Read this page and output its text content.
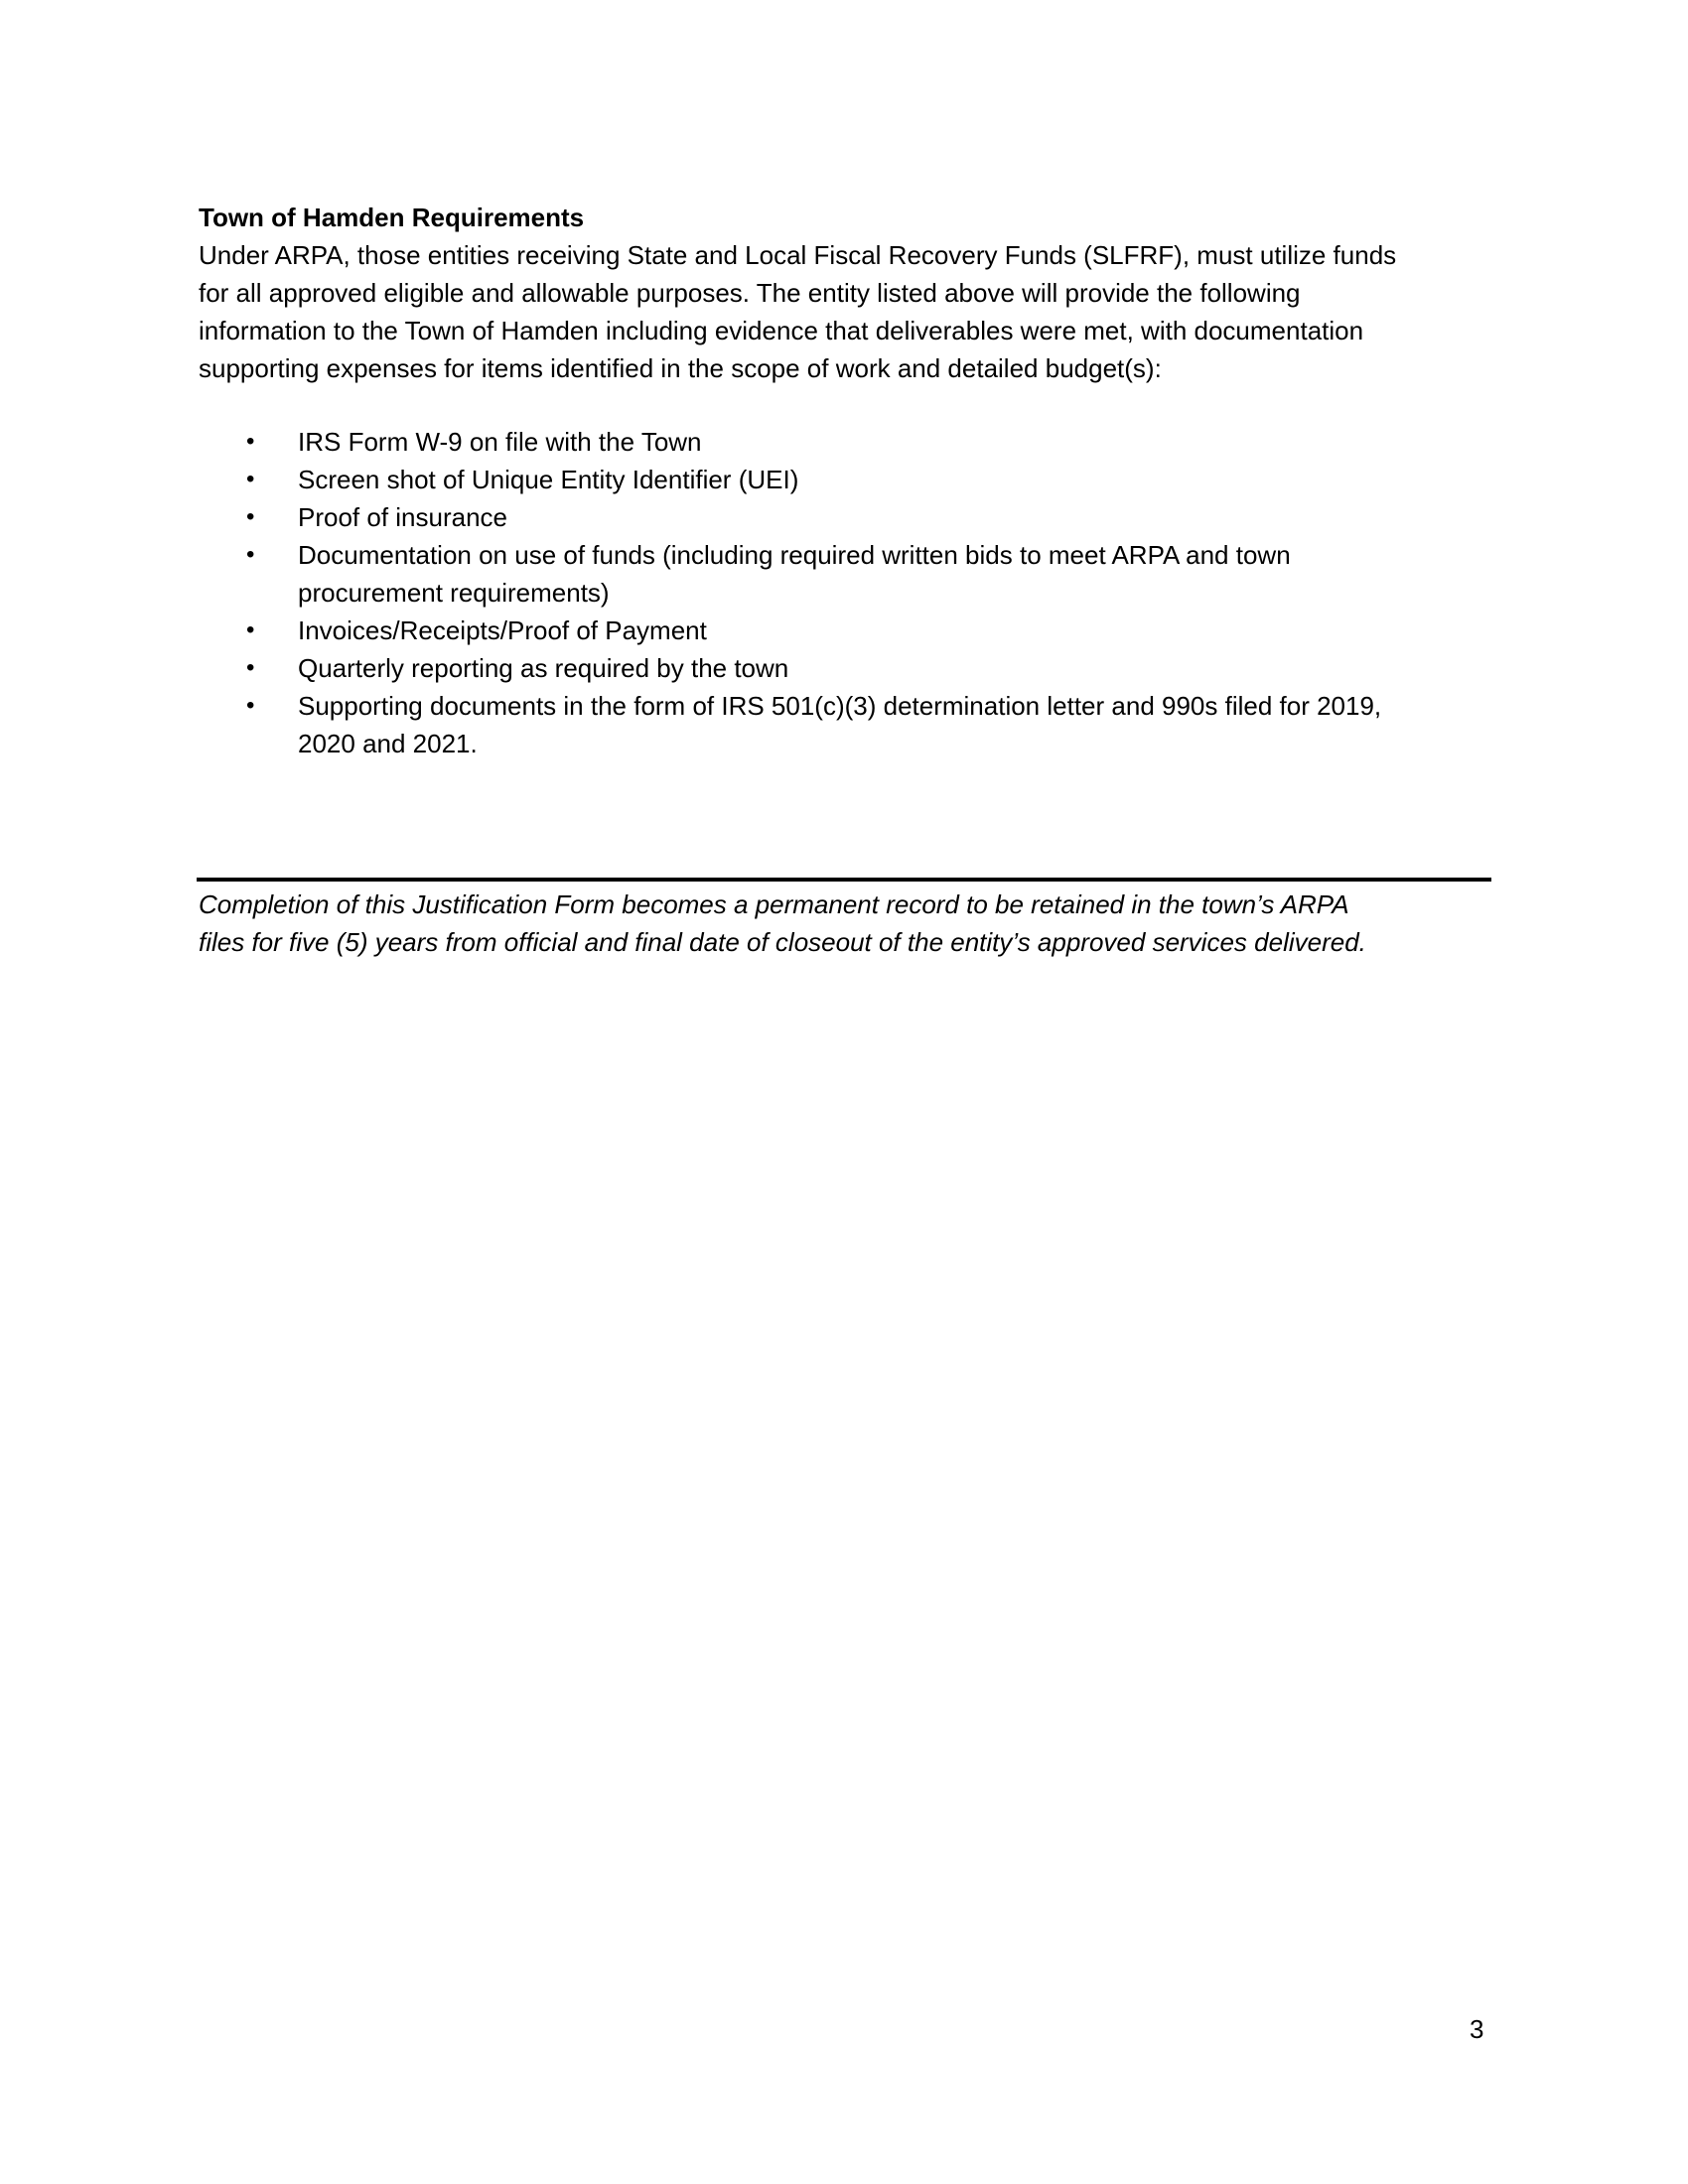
Town of Hamden Requirements

Under ARPA, those entities receiving State and Local Fiscal Recovery Funds (SLFRF), must utilize funds
for all approved eligible and allowable purposes. The entity listed above will provide the following
information to the Town of Hamden including evidence that deliverables were met, with documentation
supporting expenses for items identified in the scope of work and detailed budget(s):

•	IRS Form W-9 on file with the Town
•	Screen shot of Unique Entity Identifier (UEI)
•	Proof of insurance
•	Documentation on use of funds (including required written bids to meet ARPA and town
procurement requirements)
•	Invoices/Receipts/Proof of Payment
•	Quarterly reporting as required by the town
•	Supporting documents in the form of IRS 501(c)(3) determination letter and 990s filed for 2019,
2020 and 2021.

Completion of this Justification Form becomes a permanent record to be retained in the town’s ARPA
files for five (5) years from official and final date of closeout of the entity’s approved services delivered.

3
